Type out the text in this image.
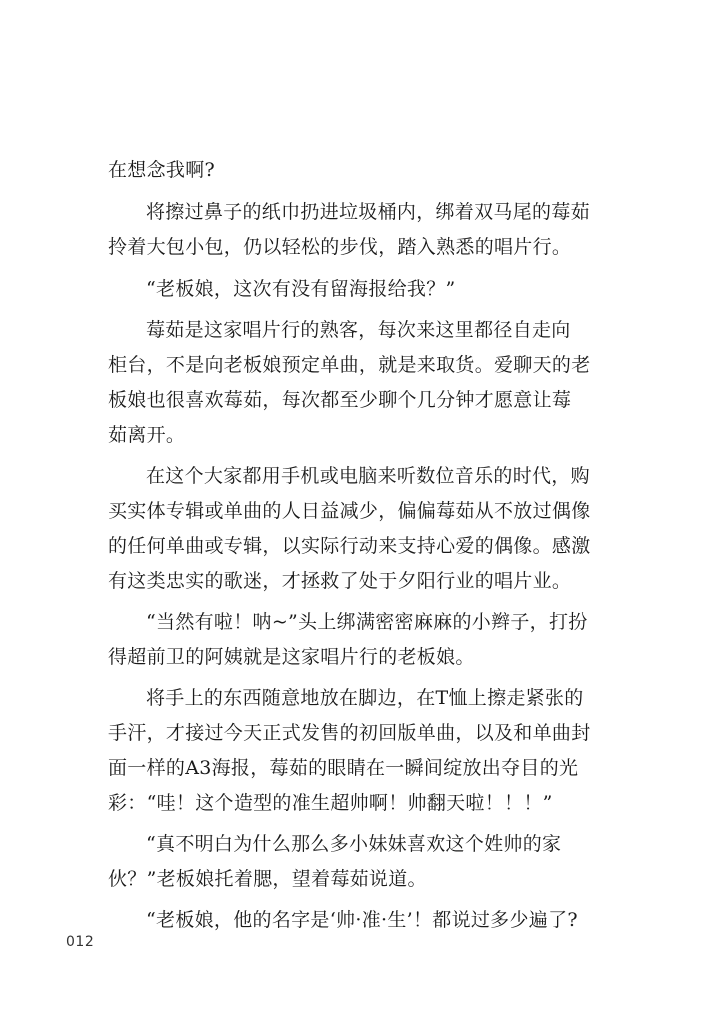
在想念我啊?
将擦过鼻子的纸巾扔进垃圾桶内，绑着双马尾的莓茹
拎着大包小包，仍以轻松的步伐，踏入熟悉的唱片行。
“老板娘，这次有没有留海报给我？”
莓茹是这家唱片行的熟客，每次来这里都径自走向
柜台，不是向老板娘预定单曲，就是来取货。爱聊天的老
板娘也很喜欢莓茹，每次都至少聊个几分钟才愿意让莓
茹离开。
在这个大家都用手机或电脑来听数位音乐的时代，购
买实体专辑或单曲的人日益减少，偏偏莓茹从不放过偶像
的任何单曲或专辑，以实际行动来支持心爱的偶像。感激
有这类忠实的歌迷，才拯救了处于夕阳行业的唱片业。
“当然有啦！呐~”头上绑满密密麻麻的小辫子，打扮
得超前卫的阿姨就是这家唱片行的老板娘。
将手上的东西随意地放在脚边，在T恤上擦走紧张的
手汗，才接过今天正式发售的初回版单曲，以及和单曲封
面一样的A3海报，莓茹的眼睛在一瞬间绽放出夺目的光
彩：“哇！这个造型的准生超帅啊！帅翻天啦！！！”
“真不明白为什么那么多小妹妹喜欢这个姓帅的家
伙？”老板娘托着腮，望着莓茹说道。
“老板娘，他的名字是‘帅·准·生’！都说过多少遍了?
012
